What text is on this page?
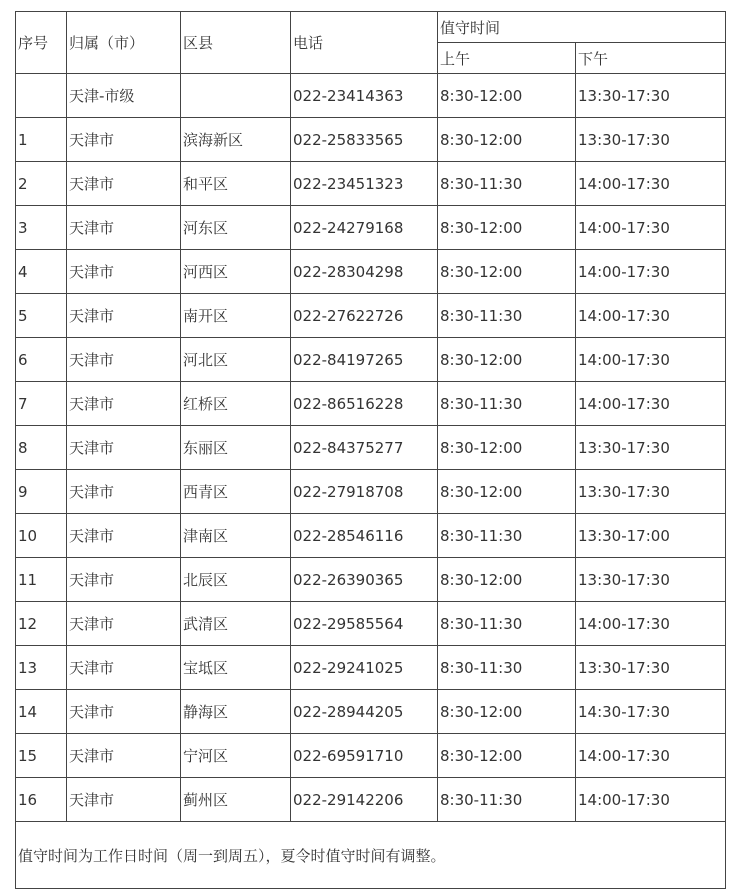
序号	归属（市）	区县	电话	值守时间	
				上午	下午
	天津-市级		022-23414363	8:30-12:00	13:30-17:30
1	天津市	滨海新区	022-25833565	8:30-12:00	13:30-17:30
2	天津市	和平区	022-23451323	8:30-11:30	14:00-17:30
3	天津市	河东区	022-24279168	8:30-12:00	14:00-17:30
4	天津市	河西区	022-28304298	8:30-12:00	14:00-17:30
5	天津市	南开区	022-27622726	8:30-11:30	14:00-17:30
6	天津市	河北区	022-84197265	8:30-12:00	14:00-17:30
7	天津市	红桥区	022-86516228	8:30-11:30	14:00-17:30
8	天津市	东丽区	022-84375277	8:30-12:00	13:30-17:30
9	天津市	西青区	022-27918708	8:30-12:00	13:30-17:30
10	天津市	津南区	022-28546116	8:30-11:30	13:30-17:00
11	天津市	北辰区	022-26390365	8:30-12:00	13:30-17:30
12	天津市	武清区	022-29585564	8:30-11:30	14:00-17:30
13	天津市	宝坻区	022-29241025	8:30-11:30	13:30-17:30
14	天津市	静海区	022-28944205	8:30-12:00	14:30-17:30
15	天津市	宁河区	022-69591710	8:30-12:00	14:00-17:30
16	天津市	蓟州区	022-29142206	8:30-11:30	14:00-17:30
值守时间为工作日时间（周一到周五），夏令时值守时间有调整。					
